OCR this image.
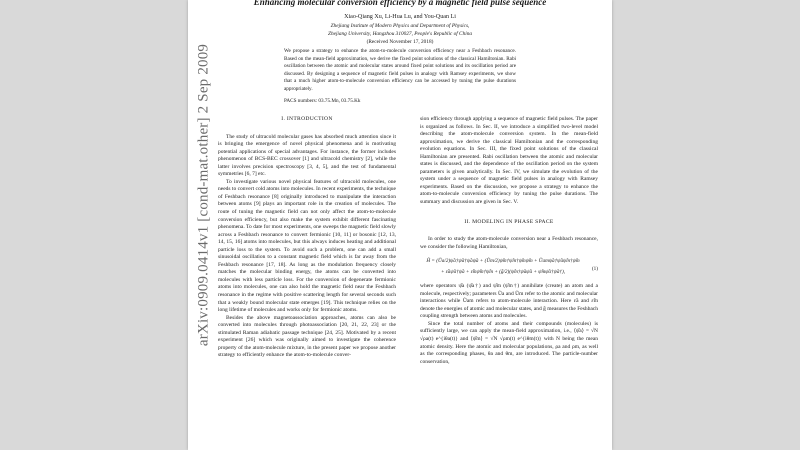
Enhancing molecular conversion efficiency by a magnetic field pulse sequence
Xiao-Qiang Xu, Li-Hua Lu, and You-Quan Li
Zhejiang Institute of Modern Physics and Department of Physics,
Zhejiang University, Hangzhou 310027, People's Republic of China
(Received November 17, 2018)
We propose a strategy to enhance the atom-to-molecule conversion efficiency near a Feshbach resonance. Based on the mean-field approximation, we derive the fixed point solutions of the classical Hamiltonian. Rabi oscillation between the atomic and molecular states around fixed point solutions and its oscillation period are discussed. By designing a sequence of magnetic field pulses in analogy with Ramsey experiments, we show that a much higher atom-to-molecule conversion efficiency can be accessed by tuning the pulse durations appropriately.
PACS numbers: 03.75.Mn, 03.75.Kk
I. INTRODUCTION

The study of ultracold molecular gases has absorbed much attention since it is bringing the emergence of novel physical phenomena and is motivating potential applications of special advantages. For instance, the former includes phenomenon of BCS-BEC crossover [1] and ultracold chemistry [2], while the latter involves precision spectroscopy [3, 4, 5], and the test of fundamental symmetries [6, 7] etc.

To investigate various novel physical features of ultracold molecules, one needs to convert cold atoms into molecules. In recent experiments, the technique of Feshbach resonance [8] originally introduced to manipulate the interaction between atoms [9] plays an important role in the creation of molecules. The route of tuning the magnetic field can not only affect the atom-to-molecule conversion efficiency, but also make the system exhibit different fascinating phenomena. To date for most experiments, one sweeps the magnetic field slowly across a Feshbach resonance to convert fermionic [10, 11] or bosonic [12, 13, 14, 15, 16] atoms into molecules, but this always induces heating and additional particle loss to the system. To avoid such a problem, one can add a small sinusoidal oscillation to a constant magnetic field which is far away from the Feshbach resonance [17, 18]. As long as the modulation frequency closely matches the molecular binding energy, the atoms can be converted into molecules with less particle loss. For the conversion of degenerate fermionic atoms into molecules, one can also hold the magnetic field near the Feshbach resonance in the regime with positive scattering length for several seconds such that a weakly bound molecular state emerges [19]. This technique relies on the long lifetime of molecules and works only for fermionic atoms.

Besides the above magnetoassociation approaches, atoms can also be converted into molecules through photoassociation [20, 21, 22, 23] or the stimulated Raman adiabatic passage technique [24, 25]. Motivated by a recent experiment [26] which was originally aimed to investigate the coherence property of the atom-molecule mixture, in the present paper we propose another strategy to efficiently enhance the atom-to-molecule conver-

sion efficiency through applying a sequence of magnetic field pulses. The paper is organized as follows. In Sec. II, we introduce a simplified two-level model describing the atom-molecule conversion system. In the mean-field approximation, we derive the classical Hamiltonian and the corresponding evolution equations. In Sec. III, the fixed point solutions of the classical Hamiltonian are presented. Rabi oscillation between the atomic and molecular states is discussed, and the dependence of the oscillation period on the system parameters is given analytically. In Sec. IV, we simulate the evolution of the system under a sequence of magnetic field pulses in analogy with Ramsey experiments. Based on the discussion, we propose a strategy to enhance the atom-to-molecule conversion efficiency by tuning the pulse durations. The summary and discussion are given in Sec. V.

II. MODELING IN PHASE SPACE

In order to study the atom-molecule conversion near a Feshbach resonance, we consider the following Hamiltonian,

Ĥ = (Ũa/2)ψ̂a†ψ̂a†ψ̂aψ̂a + (Ũm/2)ψ̂m†ψ̂m†ψ̂mψ̂m + Ũamψ̂a†ψ̂aψ̂m†ψ̂m
+ ε̃aψ̂a†ψ̂a + ε̃mψ̂m†ψ̂m + (g̃/2)(ψ̂m†ψ̂aψ̂a + ψ̂mψ̂a†ψ̂a†),	(1)

where operators ψ̂a (ψ̂a†) and ψ̂m (ψ̂m†) annihilate (create) an atom and a molecule, respectively; parameters Ũa and Ũm refer to the atomic and molecular interactions while Ũam refers to atom-molecule interaction. Here ε̃a and ε̃m denote the energies of atomic and molecular states, and g̃ measures the Feshbach coupling strength between atoms and molecules.

Since the total number of atoms and their compounds (molecules) is sufficiently large, we can apply the mean-field approximation, i.e., ⟨ψ̂a⟩ = √N √ρa(t) e^{iθa(t)} and ⟨ψ̂m⟩ = √N √ρm(t) e^{iθm(t)} with N being the mean atomic density. Here the atomic and molecular populations, ρa and ρm, as well as the corresponding phases, θa and θm, are introduced. The particle-number conservation,

arXiv:0909.0414v1 [cond-mat.other] 2 Sep 2009
